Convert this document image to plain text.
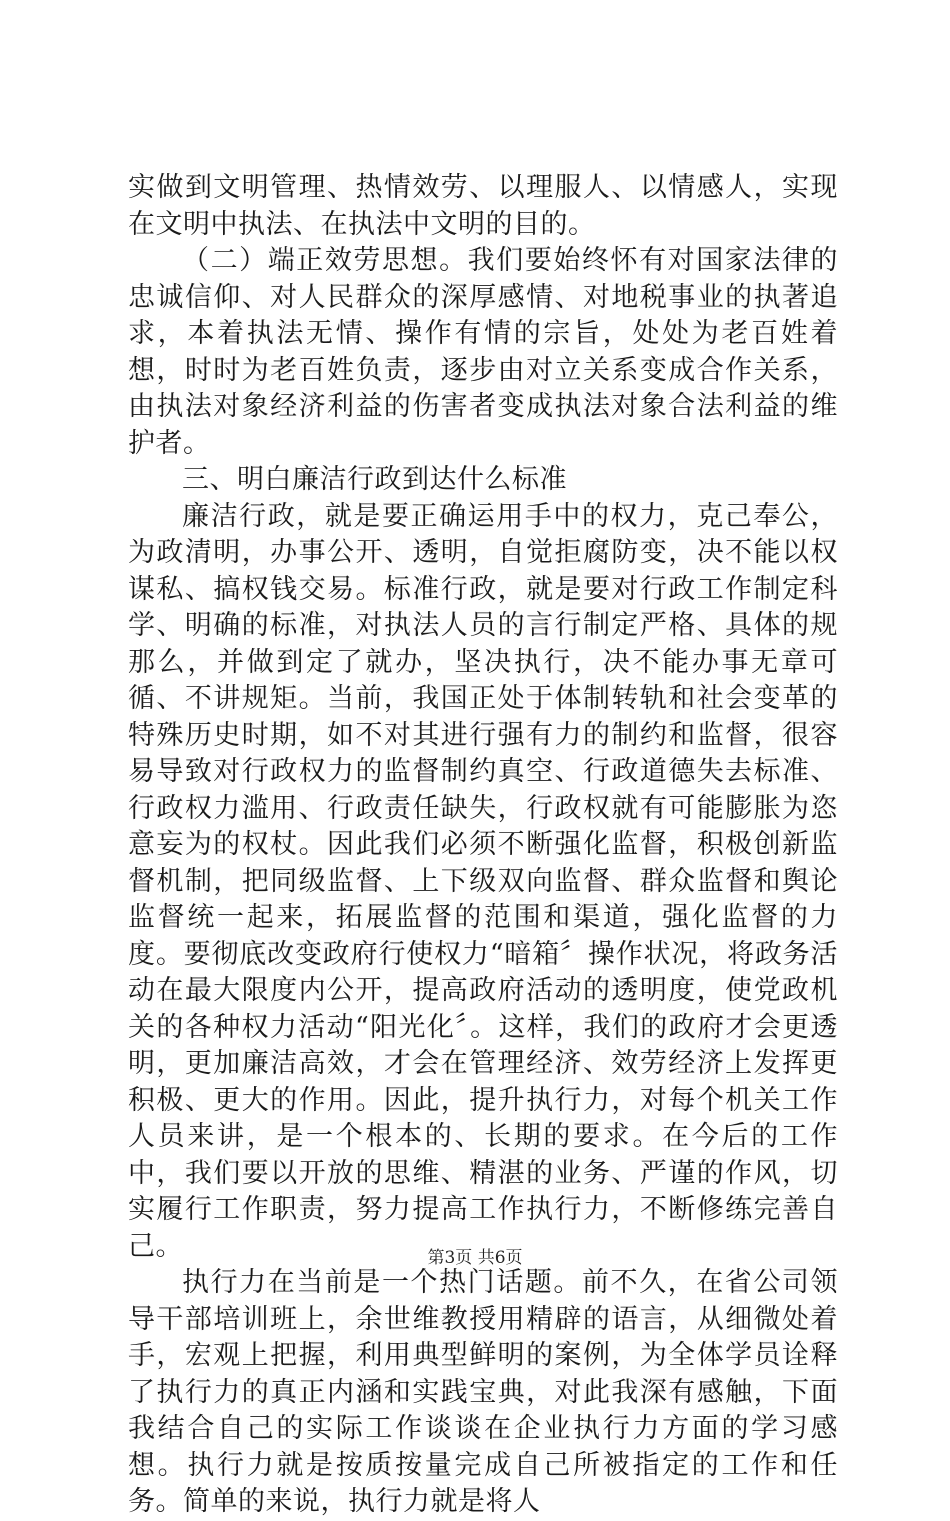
实做到文明管理、热情效劳、以理服人、以情感人，实现在文明中执法、在执法中文明的目的。

（二）端正效劳思想。我们要始终怀有对国家法律的忠诚信仰、对人民群众的深厚感情、对地税事业的执著追求，本着执法无情、操作有情的宗旨，处处为老百姓着想，时时为老百姓负责，逐步由对立关系变成合作关系，由执法对象经济利益的伤害者变成执法对象合法利益的维护者。

三、明白廉洁行政到达什么标准

廉洁行政，就是要正确运用手中的权力，克己奉公，为政清明，办事公开、透明，自觉拒腐防变，决不能以权谋私、搞权钱交易。标准行政，就是要对行政工作制定科学、明确的标准，对执法人员的言行制定严格、具体的规那么，并做到定了就办，坚决执行，决不能办事无章可循、不讲规矩。当前，我国正处于体制转轨和社会变革的特殊历史时期，如不对其进行强有力的制约和监督，很容易导致对行政权力的监督制约真空、行政道德失去标准、行政权力滥用、行政责任缺失，行政权就有可能膨胀为恣意妄为的权杖。因此我们必须不断强化监督，积极创新监督机制，把同级监督、上下级双向监督、群众监督和舆论监督统一起来，拓展监督的范围和渠道，强化监督的力度。要彻底改变政府行使权力“暗箱〞操作状况，将政务活动在最大限度内公开，提高政府活动的透明度，使党政机关的各种权力活动“阳光化〞。这样，我们的政府才会更透明，更加廉洁高效，才会在管理经济、效劳经济上发挥更积极、更大的作用。因此，提升执行力，对每个机关工作人员来讲，是一个根本的、长期的要求。在今后的工作中，我们要以开放的思维、精湛的业务、严谨的作风，切实履行工作职责，努力提高工作执行力，不断修练完善自己。

执行力在当前是一个热门话题。前不久，在省公司领导干部培训班上，余世维教授用精辟的语言，从细微处着手，宏观上把握，利用典型鲜明的案例，为全体学员诠释了执行力的真正内涵和实践宝典，对此我深有感触，下面我结合自己的实际工作谈谈在企业执行力方面的学习感想。执行力就是按质按量完成自己所被指定的工作和任务。简单的来说，执行力就是将人

第3页 共6页
